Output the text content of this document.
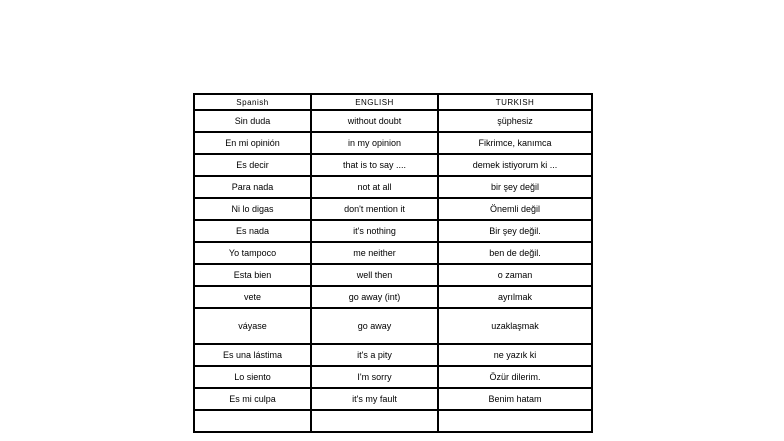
Spanish	ENGLISH	TURKISH
Sin duda	without doubt	şüphesiz
En mi opinión	in my opinion	Fikrimce, kanımca
Es decir	that is to say ....	demek istiyorum ki ...
Para nada	not at all	bir şey değil
Ni lo digas	don't mention it	Önemli değil
Es nada	it's nothing	Bir şey değil.
Yo tampoco	me neither	ben de değil.
Esta bien	well then	o zaman
vete	go away (int)	ayrılmak
váyase	go away	uzaklaşmak
Es una lástima	it's a pity	ne yazık ki
Lo siento	I'm sorry	Özür dilerim.
Es mi culpa	it's my fault	Benim hatam
